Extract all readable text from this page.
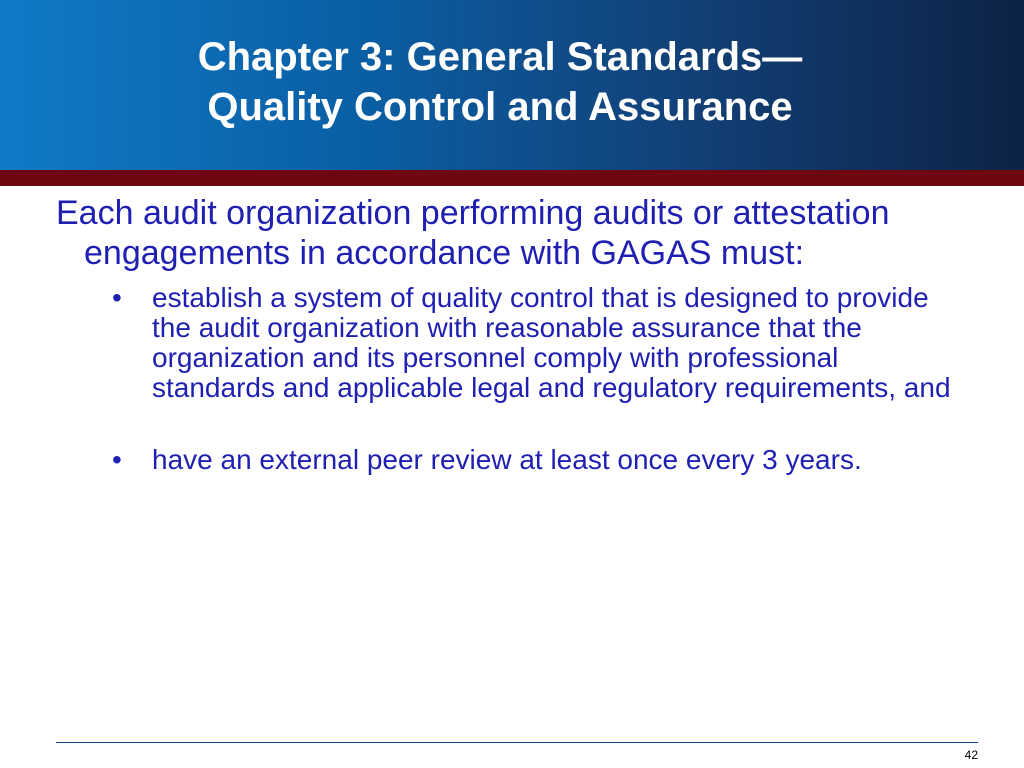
Chapter 3: General Standards—
Quality Control and Assurance

Each audit organization performing audits or attestation engagements in accordance with GAGAS must:

•	establish a system of quality control that is designed to provide the audit organization with reasonable assurance that the organization and its personnel comply with professional standards and applicable legal and regulatory requirements, and
•	have an external peer review at least once every 3 years.
42
